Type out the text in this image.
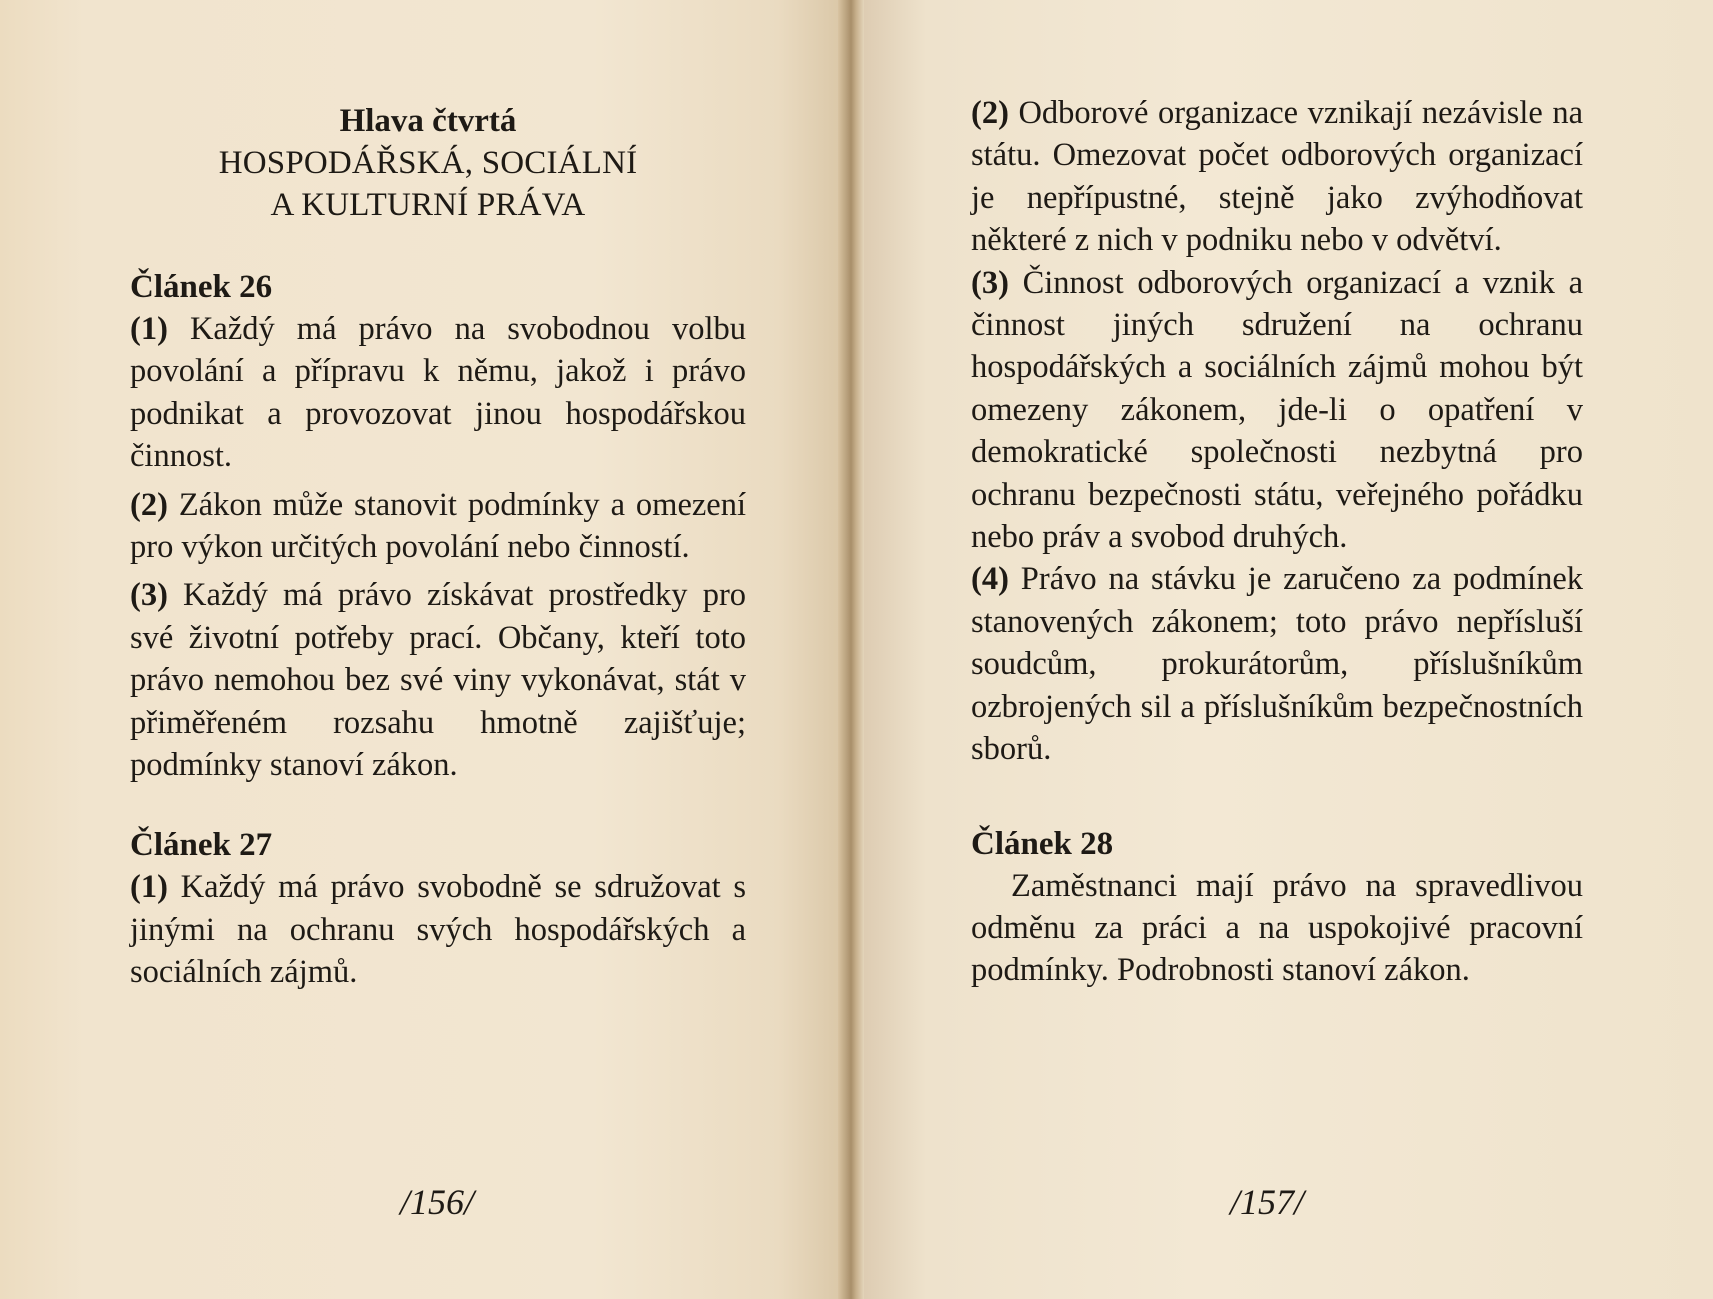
Hlava čtvrtá
HOSPODÁŘSKÁ, SOCIÁLNÍ
A KULTURNÍ PRÁVA
Článek 26
(1) Každý má právo na svobodnou volbu povolání a přípravu k němu, jakož i právo podnikat a provozovat jinou hospodářskou činnost.
(2) Zákon může stanovit podmínky a omezení pro výkon určitých povolání nebo činností.
(3) Každý má právo získávat prostředky pro své životní potřeby prací. Občany, kteří toto právo nemohou bez své viny vykonávat, stát v přiměřeném rozsahu hmotně zajišťuje; podmínky stanoví zákon.
Článek 27
(1) Každý má právo svobodně se sdružovat s jinými na ochranu svých hospodářských a sociálních zájmů.
/156/
(2) Odborové organizace vznikají nezávisle na státu. Omezovat počet odborových organizací je nepřípustné, stejně jako zvýhodňovat některé z nich v podniku nebo v odvětví.
(3) Činnost odborových organizací a vznik a činnost jiných sdružení na ochranu hospodářských a sociálních zájmů mohou být omezeny zákonem, jde-li o opatření v demokratické společnosti nezbytná pro ochranu bezpečnosti státu, veřejného pořádku nebo práv a svobod druhých.
(4) Právo na stávku je zaručeno za podmínek stanovených zákonem; toto právo nepřísluší soudcům, prokurátorům, příslušníkům ozbrojených sil a příslušníkům bezpečnostních sborů.
Článek 28
Zaměstnanci mají právo na spravedlivou odměnu za práci a na uspokojivé pracovní podmínky. Podrobnosti stanoví zákon.
/157/
